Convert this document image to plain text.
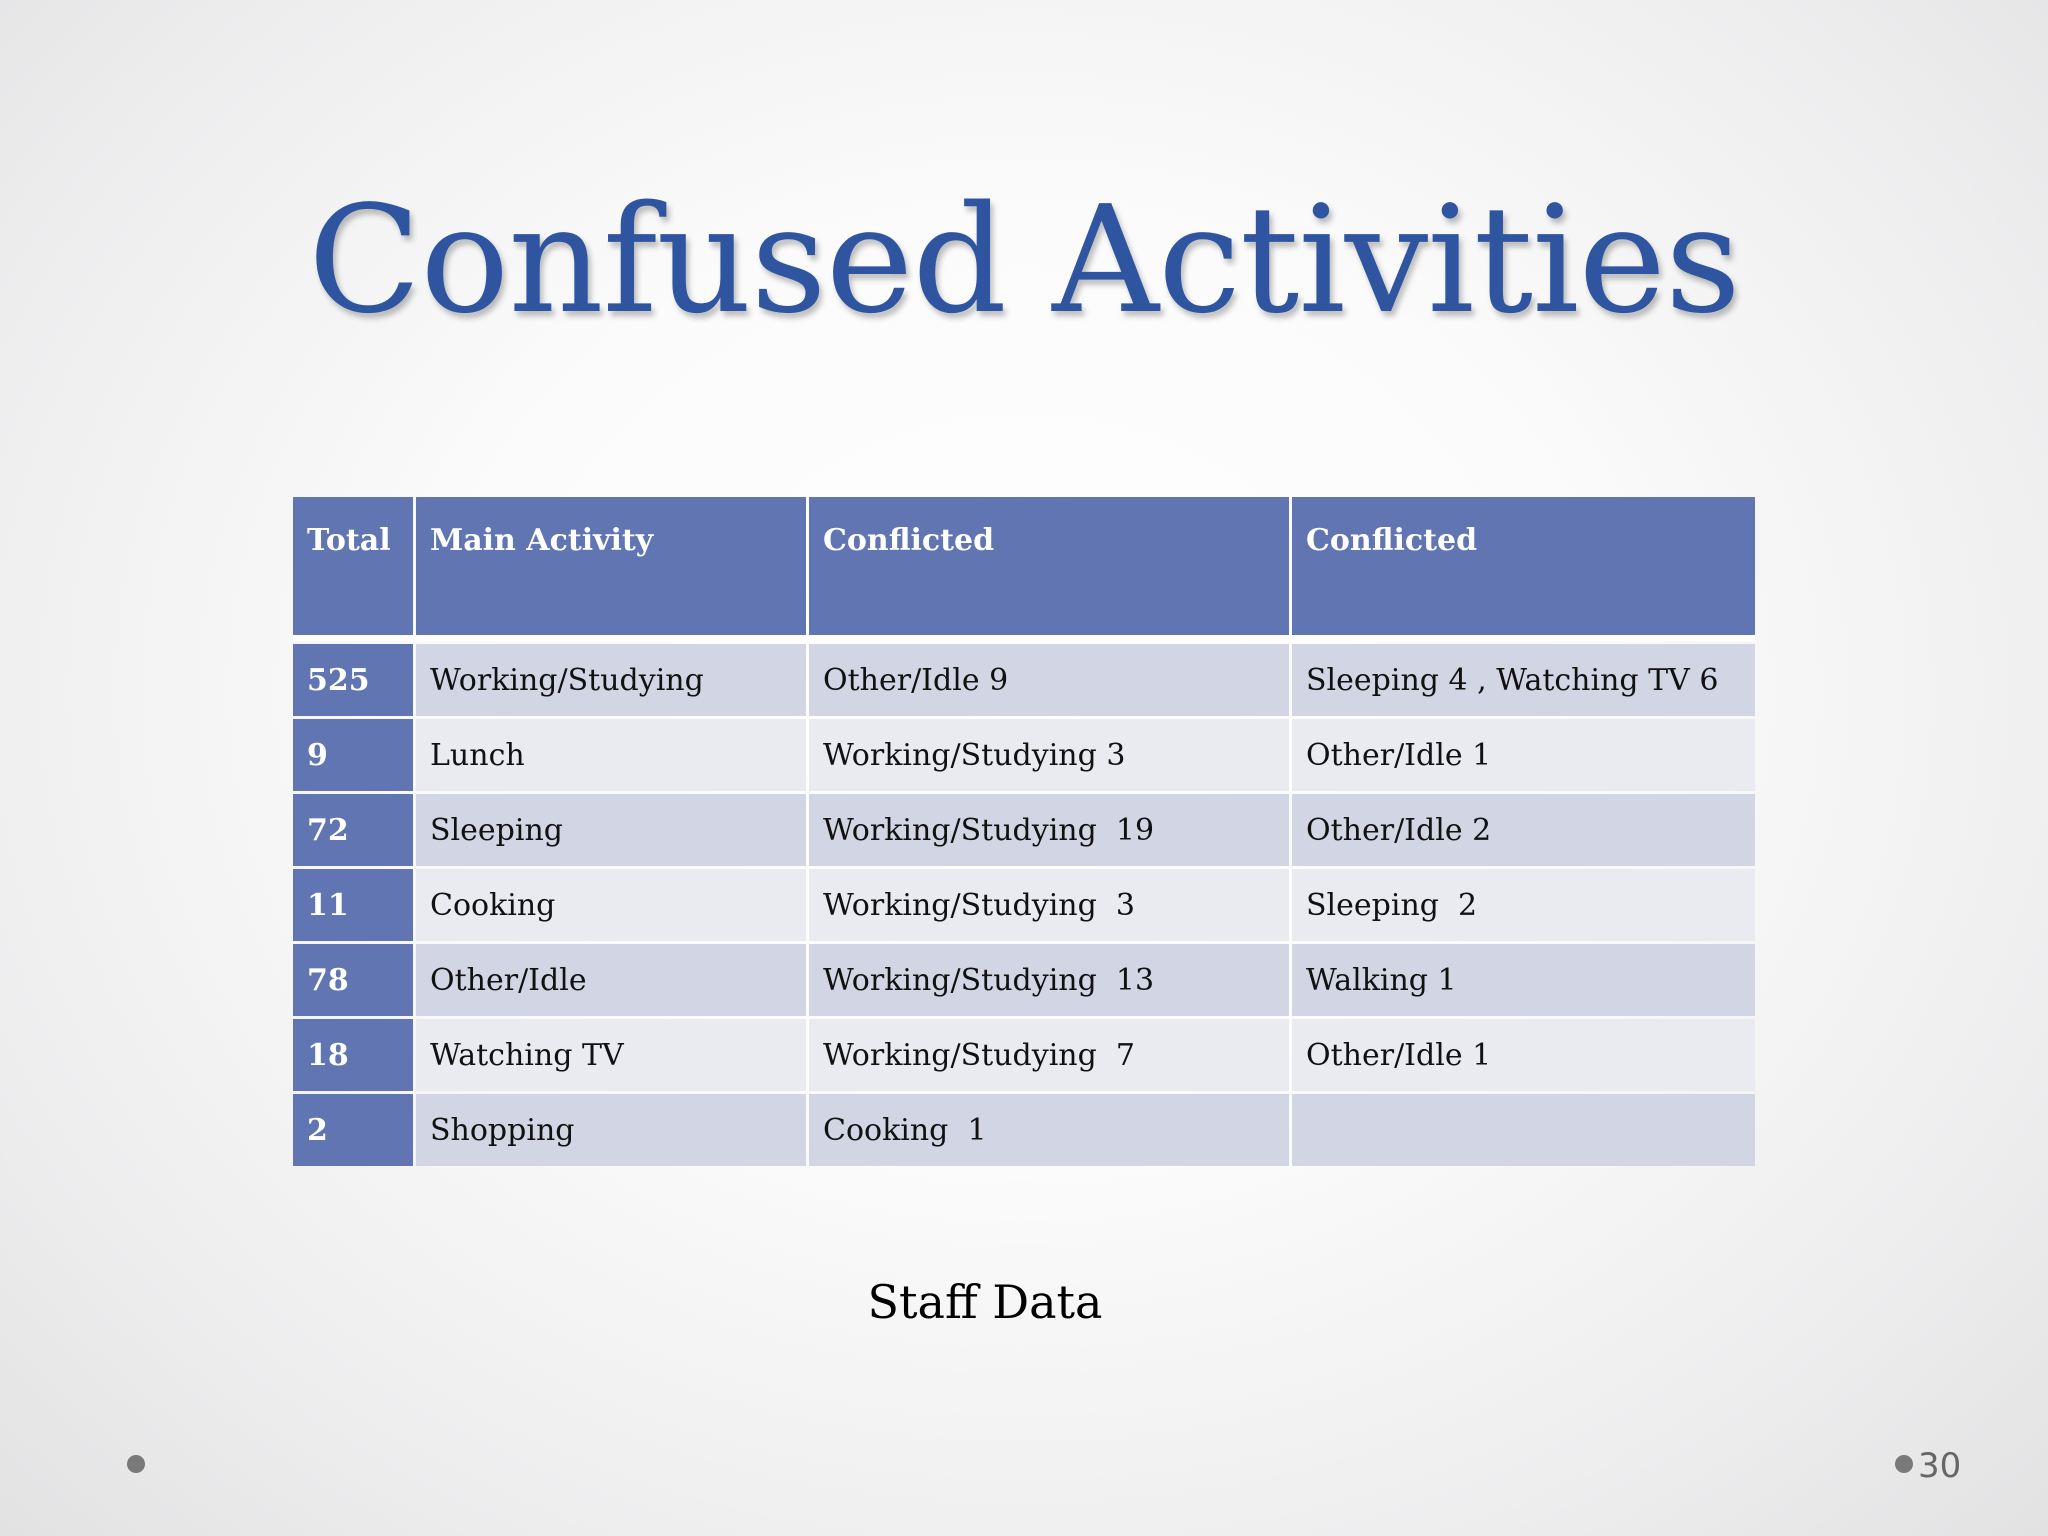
Confused Activities
Total	Main Activity	Conflicted	Conflicted
525	Working/Studying	Other/Idle 9	Sleeping 4 , Watching TV 6
9	Lunch	Working/Studying 3	Other/Idle 1
72	Sleeping	Working/Studying  19	Other/Idle 2
11	Cooking	Working/Studying  3	Sleeping  2
78	Other/Idle	Working/Studying  13	Walking 1
18	Watching TV	Working/Studying  7	Other/Idle 1
2	Shopping	Cooking  1	
Staff Data
30
